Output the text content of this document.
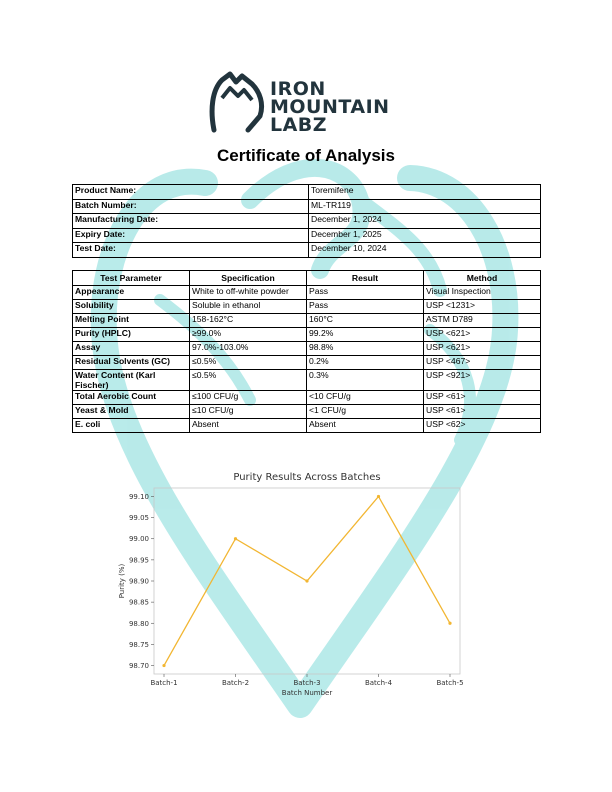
IRON
MOUNTAIN
LABZ
Certificate of Analysis
Product Name:	Toremifene
Batch Number:	ML-TR119
Manufacturing Date:	December 1, 2024
Expiry Date:	December 1, 2025
Test Date:	December 10, 2024
Test Parameter	Specification	Result	Method
Appearance	White to off-white powder	Pass	Visual Inspection
Solubility	Soluble in ethanol	Pass	USP <1231>
Melting Point	158-162°C	160°C	ASTM D789
Purity (HPLC)	≥99.0%	99.2%	USP <621>
Assay	97.0%-103.0%	98.8%	USP <621>
Residual Solvents (GC)	≤0.5%	0.2%	USP <467>
Water Content (Karl Fischer)	≤0.5%	0.3%	USP <921>
Total Aerobic Count	≤100 CFU/g	<10 CFU/g	USP <61>
Yeast & Mold	≤10 CFU/g	<1 CFU/g	USP <61>
E. coli	Absent	Absent	USP <62>
Purity Results Across Batches
98.70
98.75
98.80
98.85
98.90
98.95
99.00
99.05
99.10
Batch-1	Batch-2	Batch-3	Batch-4	Batch-5
Batch Number
Purity (%)
